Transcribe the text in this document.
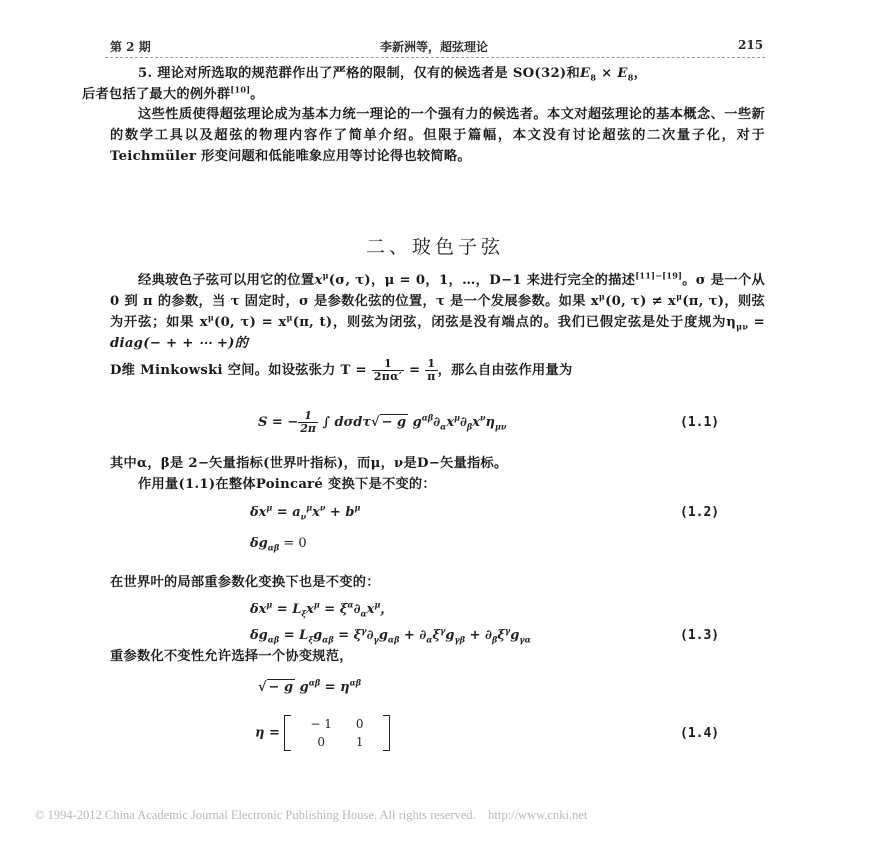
第 2 期	李新洲等，超弦理论	215
5. 理论对所选取的规范群作出了严格的限制，仅有的候选者是 SO(32)和$E_8 \times E_8$，
后者包括了最大的例外群[10]。
这些性质使得超弦理论成为基本力统一理论的一个强有力的候选者。本文对超弦理论的基本概念、一些新的数学工具以及超弦的物理内容作了简单介绍。但限于篇幅，本文没有讨论超弦的二次量子化，对于Teichmüler 形变问题和低能唯象应用等讨论得也较简略。
二、玻色子弦
经典玻色子弦可以用它的位置$x^\mu(\sigma$, τ)，μ = 0，1，…，D−1 来进行完全的描述[11]−[19]。σ 是一个从 0 到 π 的参数，当 τ 固定时，σ 是参数化弦的位置，τ 是一个发展参数。如果 $x^\mu(0$, $\tau) \ne x^\mu(\pi$, τ)，则弦为开弦；如果 $x^\mu(0$, $\tau) = x^\mu(\pi$, t)，则弦为闭弦，闭弦是没有端点的。我们已假定弦是处于度规为$\eta_{\mu\nu}$ = diag(− + + ⋯ +)的
D维 Minkowski 空间。如设弦张力 $T = \frac{1}{2\pi\alpha'} = \frac{1}{\pi}$ ，那么自由弦作用量为
S = − $\frac{1}{2\pi}$ ∫ dσdτ√ − g $g^{\alpha\beta}\partial_\alpha x^\mu\partial_\beta x^\nu\eta_{\mu\nu}$	(1.1)
其中α，β是 2−矢量指标(世界叶指标)，而μ，ν是D−矢量指标。
作用量(1.1)在整体Poincaré 变换下是不变的：
$\delta x^\mu = a_\nu^\mu x^\nu + b^\mu$	(1.2)
$\delta g_{\alpha\beta} = 0$
在世界叶的局部重参数化变换下也是不变的：
$\delta x^\mu = L_\xi x^\mu = \xi^\alpha\partial_\alpha x^\mu$，
$\delta g_{\alpha\beta} = L_\xi g_{\alpha\beta} = \xi^\gamma\partial_\gamma g_{\alpha\beta} + \partial_\alpha\xi^\gamma g_{\gamma\beta} + \partial_\beta\xi^\gamma g_{\gamma\alpha}$	(1.3)
重参数化不变性允许选择一个协变规范，
√ − g $g^{\alpha\beta} = \eta^{\alpha\beta}$
η =
− 1	0
0	1
(1.4)
© 1994-2012 China Academic Journal Electronic Publishing House. All rights reserved. http://www.cnki.net
